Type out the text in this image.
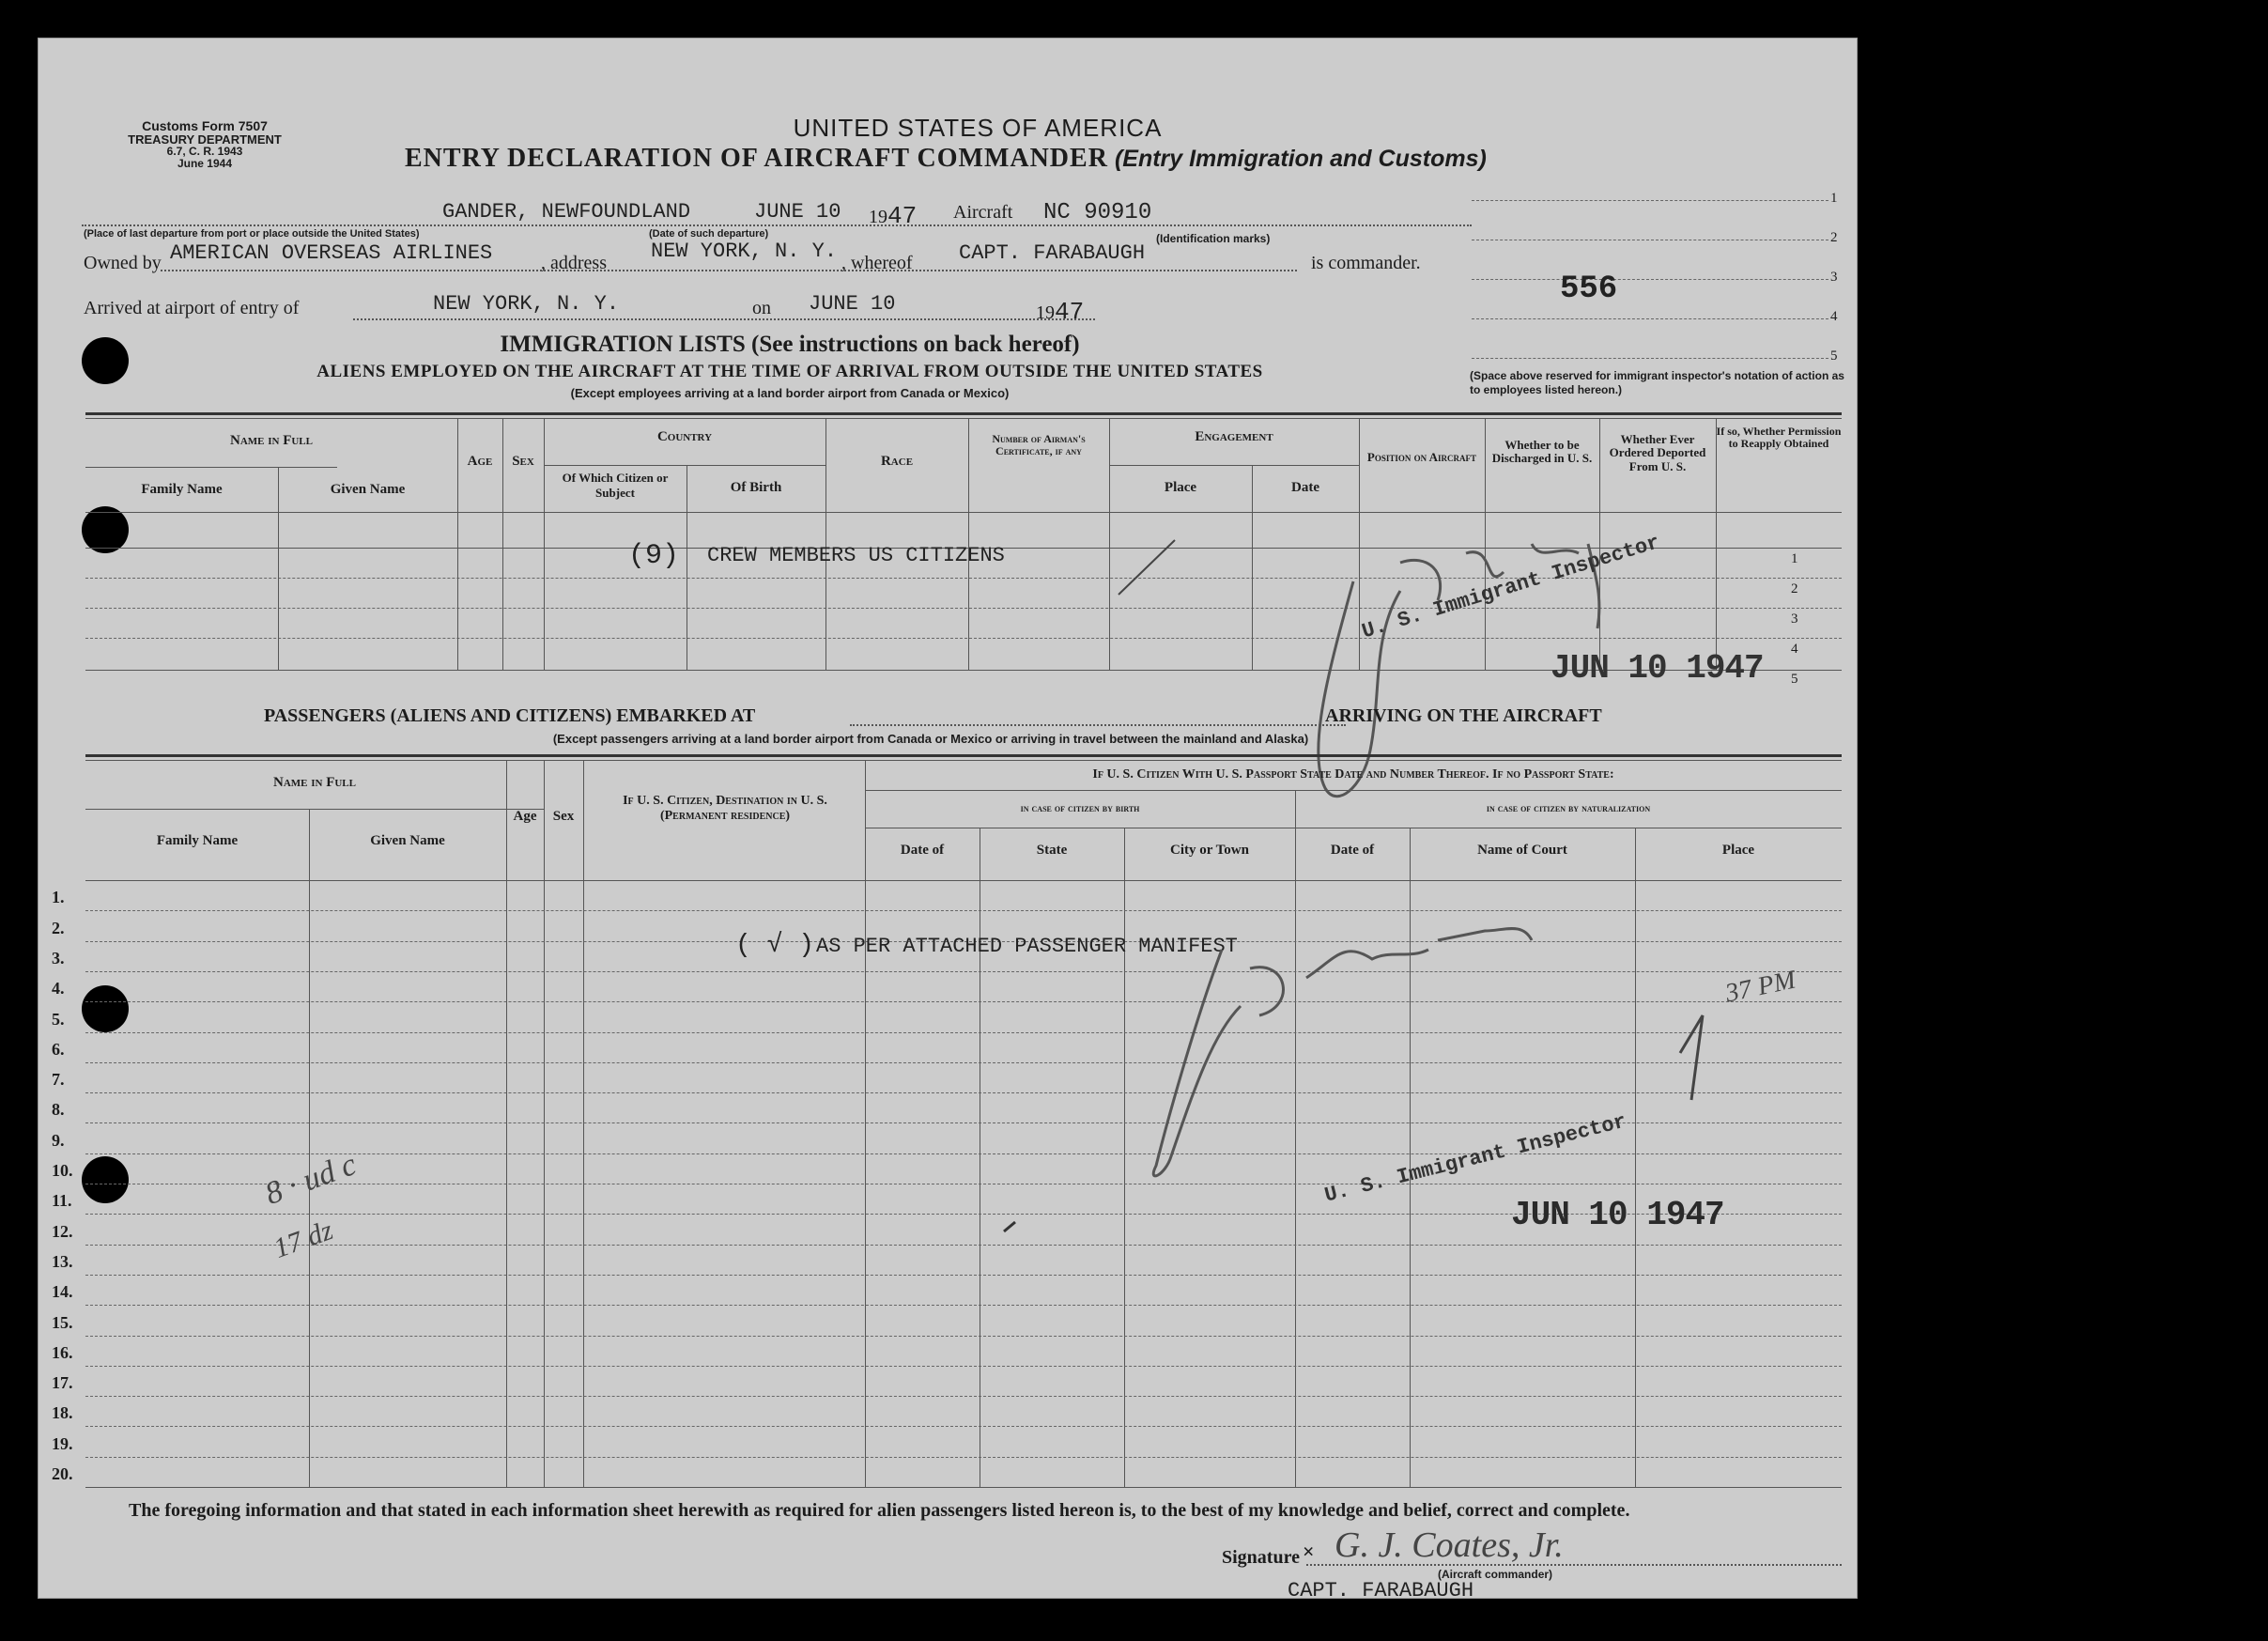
Customs Form 7507
TREASURY DEPARTMENT
6.7, C. R. 1943
June 1944
UNITED STATES OF AMERICA
ENTRY DECLARATION OF AIRCRAFT COMMANDER (Entry Immigration and Customs)
GANDER, NEWFOUNDLAND	JUNE 10 1947 Aircraft NC 90910
(Place of last departure from port or place outside the United States)	(Date of such departure)	(Identification marks)
Owned by AMERICAN OVERSEAS AIRLINES	, address NEW YORK, N. Y. , whereof CAPT. FARABAUGH	is commander.
Arrived at airport of entry of	NEW YORK, N. Y.	on JUNE 10	1947
1
2
3
4
5
556
(Space above reserved for immigrant inspector's notation of action as to employees listed hereon.)
IMMIGRATION LISTS (See instructions on back hereof)
ALIENS EMPLOYED ON THE AIRCRAFT AT THE TIME OF ARRIVAL FROM OUTSIDE THE UNITED STATES
(Except employees arriving at a land border airport from Canada or Mexico)
Name in Full
Family Name	Given Name
Age	Sex
Country
Of Which Citizen or Subject	Of Birth
Race
Number of Airman's Certificate, if any
Engagement
Place	Date
Position on Aircraft
Whether to be Discharged in U. S.
Whether Ever Ordered Deported From U. S.
If so, Whether Permission to Reapply Obtained
1
2
3
4
5
(9) CREW MEMBERS US CITIZENS	U. S. Immigrant Inspector
JUN 10 1947
PASSENGERS (ALIENS AND CITIZENS) EMBARKED AT	ARRIVING ON THE AIRCRAFT
(Except passengers arriving at a land border airport from Canada or Mexico or arriving in travel between the mainland and Alaska)
1.
2.
3.
4.
5.
6.
7.
8.
9.
10.
11.
12.
13.
14.
15.
16.
17.
18.
19.
20.
Name in Full
Family Name	Given Name
Age	Sex
If U. S. Citizen, Destination in U. S. (Permanent residence)
If U. S. Citizen With U. S. Passport State Date and Number Thereof. If no Passport State:
in case of citizen by birth	in case of citizen by naturalization
Date of	State	City or Town	Date of	Name of Court	Place
( √ ) AS PER ATTACHED PASSENGER MANIFEST
8 · ud c
17 dz
37 PM
U. S. Immigrant Inspector
JUN 10 1947
The foregoing information and that stated in each information sheet herewith as required for alien passengers listed hereon is, to the best of my knowledge and belief, correct and complete.
Signature × G. J. Coates, Jr.
(Aircraft commander)
CAPT. FARABAUGH
